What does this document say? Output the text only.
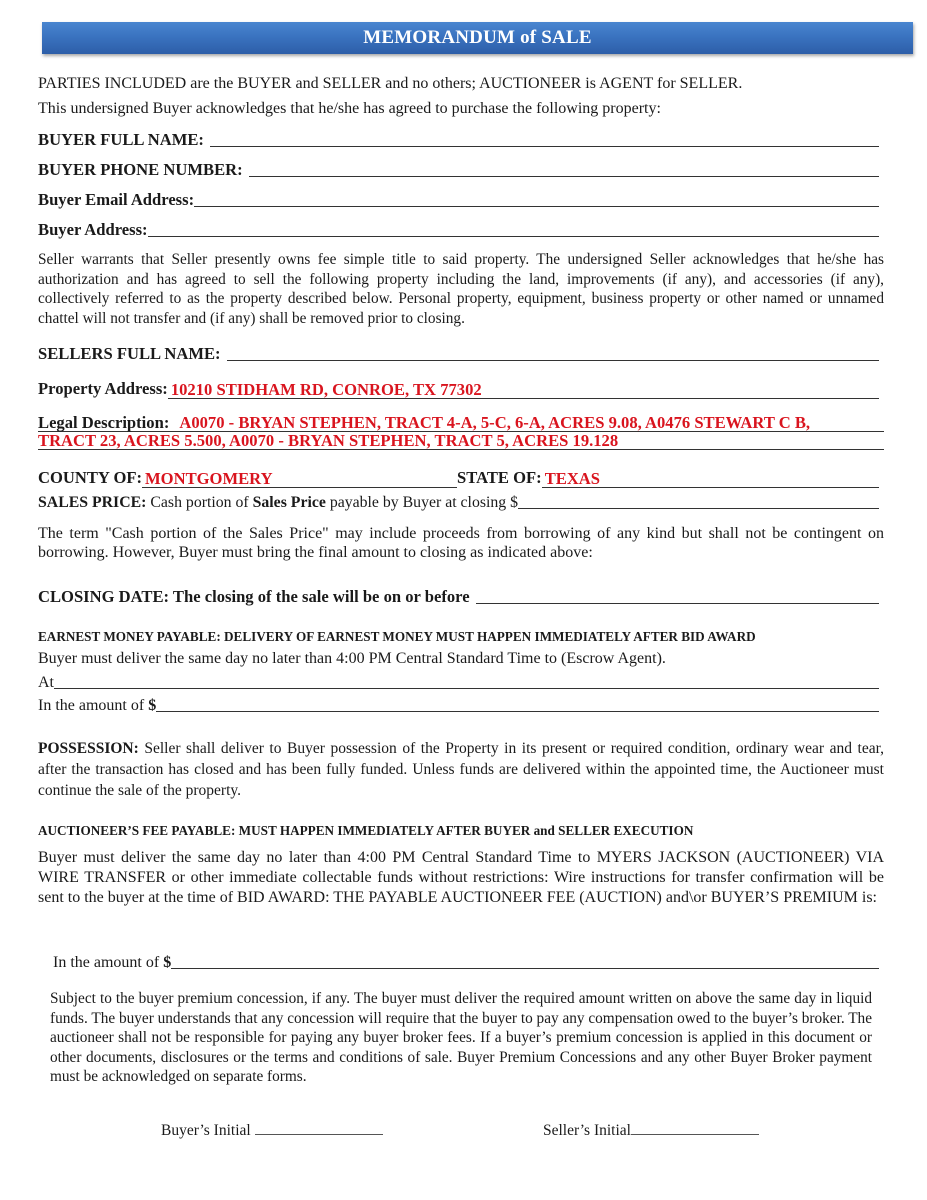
MEMORANDUM of SALE
PARTIES INCLUDED are the BUYER and SELLER and no others; AUCTIONEER is AGENT for SELLER.
This undersigned Buyer acknowledges that he/she has agreed to purchase the following property:
BUYER FULL NAME:
BUYER PHONE NUMBER:
Buyer Email Address:
Buyer Address:
Seller warrants that Seller presently owns fee simple title to said property. The undersigned Seller acknowledges that he/she has authorization and has agreed to sell the following property including the land, improvements (if any), and accessories (if any), collectively referred to as the property described below. Personal property, equipment, business property or other named or unnamed chattel will not transfer and (if any) shall be removed prior to closing.
SELLERS FULL NAME:
Property Address: 10210 STIDHAM RD, CONROE, TX 77302
Legal Description: A0070 - BRYAN STEPHEN, TRACT 4-A, 5-C, 6-A, ACRES 9.08, A0476 STEWART C B,
TRACT 23, ACRES 5.500, A0070 - BRYAN STEPHEN, TRACT 5, ACRES 19.128
COUNTY OF: MONTGOMERY	STATE OF: TEXAS
SALES PRICE: Cash portion of Sales Price payable by Buyer at closing $
The term "Cash portion of the Sales Price" may include proceeds from borrowing of any kind but shall not be contingent on borrowing. However, Buyer must bring the final amount to closing as indicated above:
CLOSING DATE: The closing of the sale will be on or before
EARNEST MONEY PAYABLE: DELIVERY OF EARNEST MONEY MUST HAPPEN IMMEDIATELY AFTER BID AWARD
Buyer must deliver the same day no later than 4:00 PM Central Standard Time to (Escrow Agent).
At
In the amount of $
POSSESSION: Seller shall deliver to Buyer possession of the Property in its present or required condition, ordinary wear and tear, after the transaction has closed and has been fully funded. Unless funds are delivered within the appointed time, the Auctioneer must continue the sale of the property.
AUCTIONEER’S FEE PAYABLE: MUST HAPPEN IMMEDIATELY AFTER BUYER and SELLER EXECUTION
Buyer must deliver the same day no later than 4:00 PM Central Standard Time to MYERS JACKSON (AUCTIONEER) VIA WIRE TRANSFER or other immediate collectable funds without restrictions: Wire instructions for transfer confirmation will be sent to the buyer at the time of BID AWARD: THE PAYABLE AUCTIONEER FEE (AUCTION) and\or BUYER’S PREMIUM is:
In the amount of $
Subject to the buyer premium concession, if any. The buyer must deliver the required amount written on above the same day in liquid funds. The buyer understands that any concession will require that the buyer to pay any compensation owed to the buyer’s broker. The auctioneer shall not be responsible for paying any buyer broker fees. If a buyer’s premium concession is applied in this document or other documents, disclosures or the terms and conditions of sale. Buyer Premium Concessions and any other Buyer Broker payment must be acknowledged on separate forms.
Buyer’s Initial	Seller’s Initial
